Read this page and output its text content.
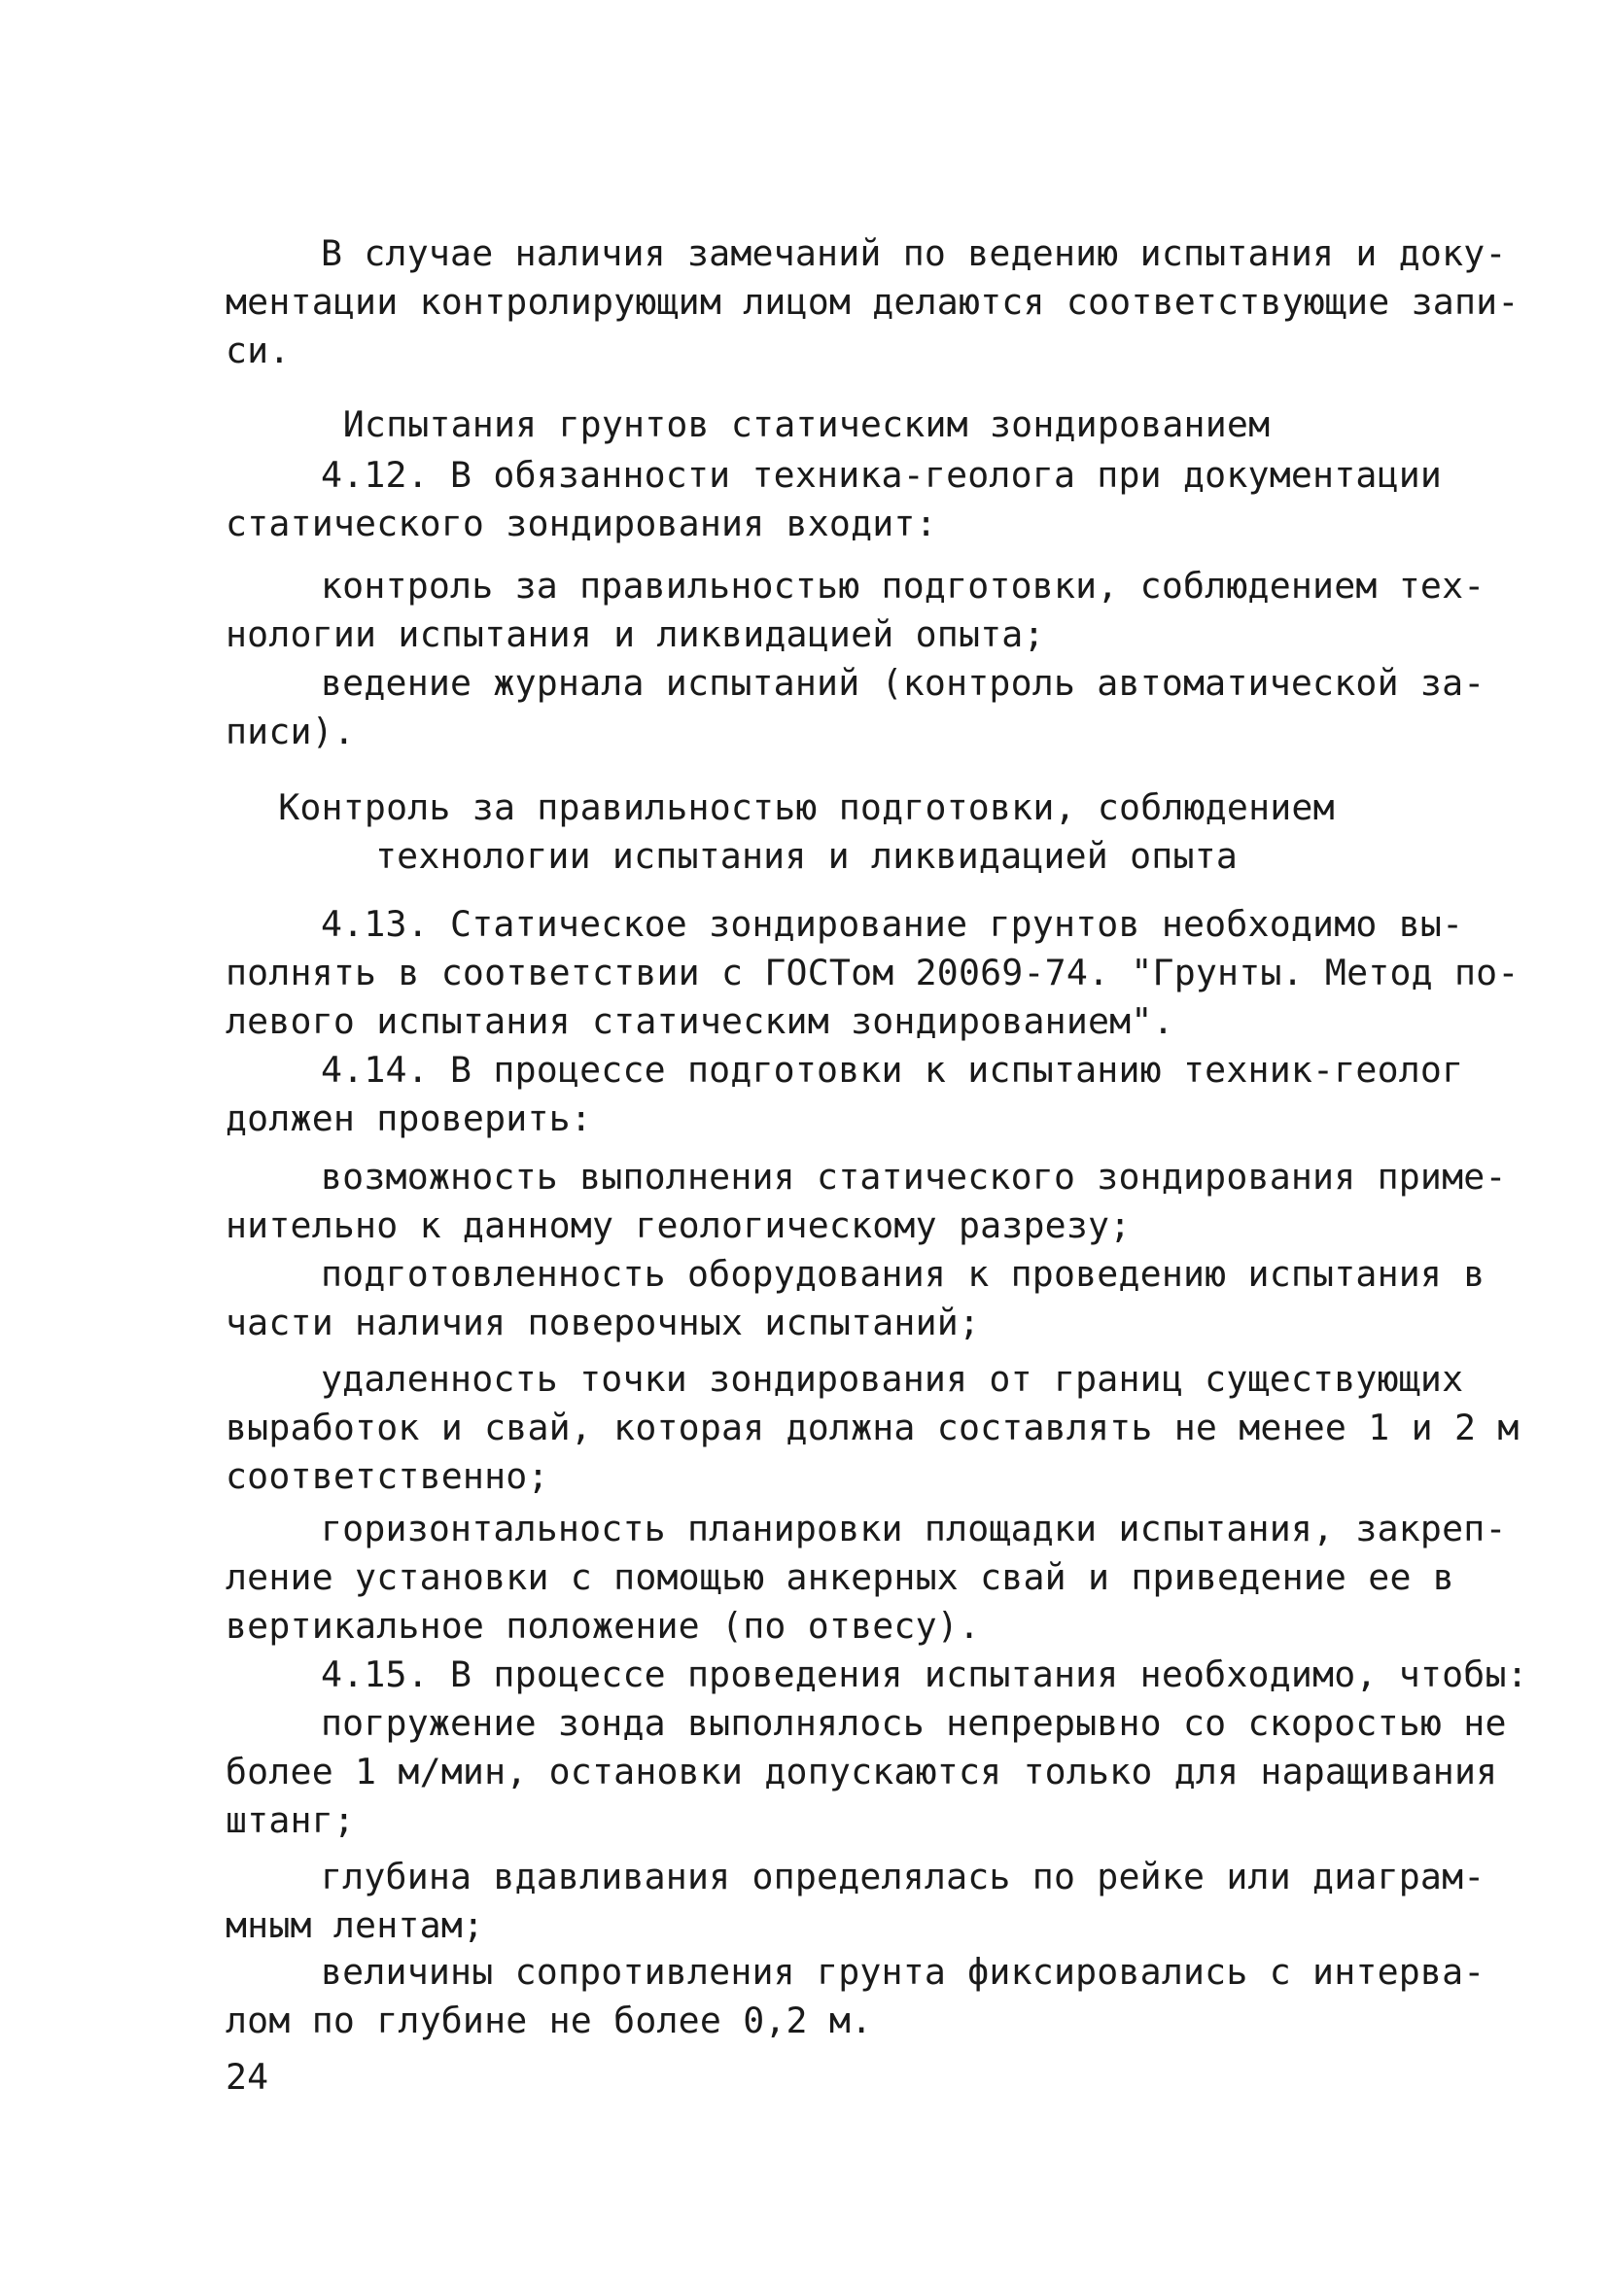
В случае наличия замечаний по ведению испытания и доку-
ментации контролирующим лицом делаются соответствующие запи-
си.
Испытания грунтов статическим зондированием
4.12. В обязанности техника-геолога при документации
статического зондирования входит:
контроль за правильностью подготовки, соблюдением тех-
нологии испытания и ликвидацией опыта;
ведение журнала испытаний (контроль автоматической за-
писи).
Контроль за правильностью подготовки, соблюдением
технологии испытания и ликвидацией опыта
4.13. Статическое зондирование грунтов необходимо вы-
полнять в соответствии с ГОСТом 20069-74. "Грунты. Метод по-
левого испытания статическим зондированием".
4.14. В процессе подготовки к испытанию техник-геолог
должен проверить:
возможность выполнения статического зондирования приме-
нительно к данному геологическому разрезу;
подготовленность оборудования к проведению испытания в
части наличия поверочных испытаний;
удаленность точки зондирования от границ существующих
выработок и свай, которая должна составлять не менее 1 и 2 м
соответственно;
горизонтальность планировки площадки испытания, закреп-
ление установки с помощью анкерных свай и приведение ее в
вертикальное положение (по отвесу).
4.15. В процессе проведения испытания необходимо, чтобы:
погружение зонда выполнялось непрерывно со скоростью не
более 1 м/мин, остановки допускаются только для наращивания
штанг;
глубина вдавливания определялась по рейке или диаграм-
мным лентам;
величины сопротивления грунта фиксировались с интерва-
лом по глубине не более 0,2 м.
24
